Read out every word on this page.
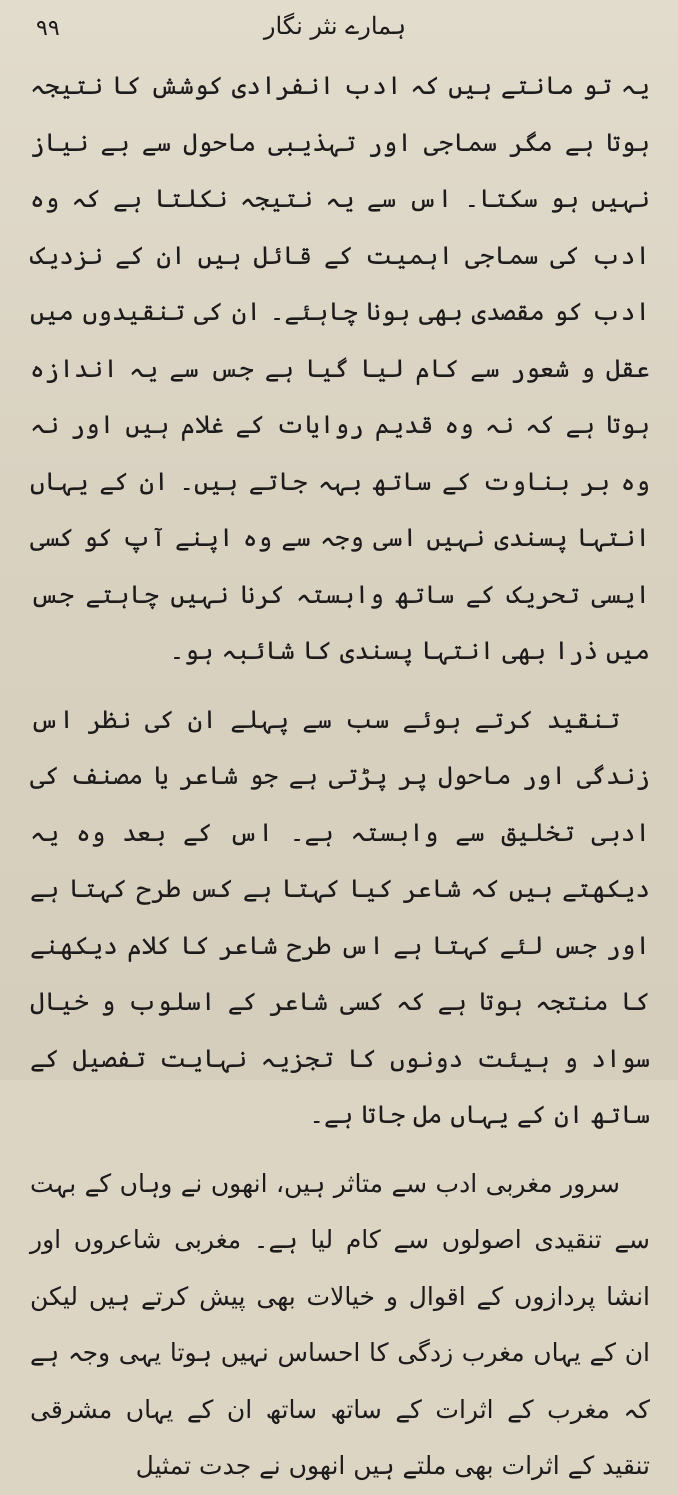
۹۹	ہمارے نثر نگار

یہ تو مانتے ہیں کہ ادب انفرادی کوشش کا نتیجہ ہوتا ہے مگر سماجی اور تہذیبی ماحول سے بے نیاز نہیں ہو سکتا۔ اس سے یہ نتیجہ نکلتا ہے کہ وہ ادب کی سماجی اہمیت کے قائل ہیں ان کے نزدیک ادب کو مقصدی بھی ہونا چاہئے۔ ان کی تنقیدوں میں عقل و شعور سے کام لیا گیا ہے جس سے یہ اندازہ ہوتا ہے کہ نہ وہ قدیم روایات کے غلام ہیں اور نہ وہ بر بناوت کے ساتھ بہہ جاتے ہیں۔ ان کے یہاں انتہا پسندی نہیں اسی وجہ سے وہ اپنے آپ کو کسی ایسی تحریک کے ساتھ وابستہ کرنا نہیں چاہتے جس میں ذرا بھی انتہا پسندی کا شائبہ ہو۔

تنقید کرتے ہوئے سب سے پہلے ان کی نظر اس زندگی اور ماحول پر پڑتی ہے جو شاعر یا مصنف کی ادبی تخلیق سے وابستہ ہے۔ اس کے بعد وہ یہ دیکھتے ہیں کہ شاعر کیا کہتا ہے کس طرح کہتا ہے اور جس لئے کہتا ہے اس طرح شاعر کا کلام دیکھنے کا منتجہ ہوتا ہے کہ کسی شاعر کے اسلوب و خیال سواد و ہیئت دونوں کا تجزیہ نہایت تفصیل کے ساتھ ان کے یہاں مل جاتا ہے۔

سرور مغربی ادب سے متاثر ہیں، انھوں نے وہاں کے بہت سے تنقیدی اصولوں سے کام لیا ہے۔ مغربی شاعروں اور انشا پردازوں کے اقوال و خیالات بھی پیش کرتے ہیں لیکن ان کے یہاں مغرب زدگی کا احساس نہیں ہوتا یہی وجہ ہے کہ مغرب کے اثرات کے ساتھ ساتھ ان کے یہاں مشرقی تنقید کے اثرات بھی ملتے ہیں انھوں نے جدت تمثیل
